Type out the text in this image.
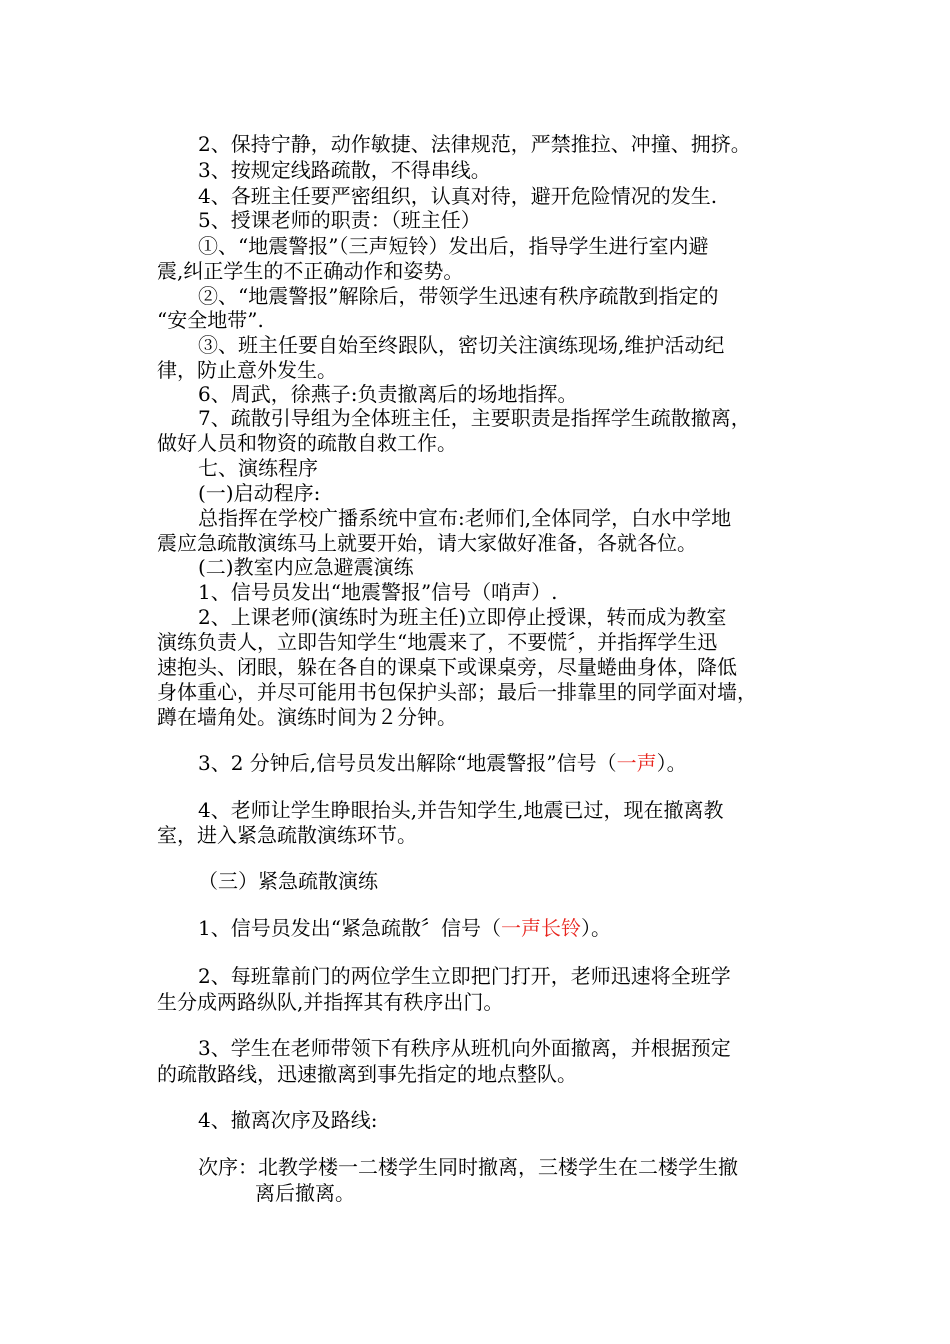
2、保持宁静，动作敏捷、法律规范，严禁推拉、冲撞、拥挤。

3、按规定线路疏散，不得串线。

4、各班主任要严密组织，认真对待，避开危险情况的发生.

5、授课老师的职责：（班主任）

①、“地震警报”（三声短铃）发出后，指导学生进行室内避

震,纠正学生的不正确动作和姿势。

②、“地震警报”解除后，带领学生迅速有秩序疏散到指定的

“安全地带”.

③、班主任要自始至终跟队，密切关注演练现场,维护活动纪

律，防止意外发生。

6、周武，徐燕子:负责撤离后的场地指挥。

7、疏散引导组为全体班主任，主要职责是指挥学生疏散撤离，

做好人员和物资的疏散自救工作。

七、演练程序

(一)启动程序:

总指挥在学校广播系统中宣布:老师们,全体同学，白水中学地

震应急疏散演练马上就要开始，请大家做好准备，各就各位。

(二)教室内应急避震演练

1、信号员发出“地震警报”信号（哨声）.

2、上课老师(演练时为班主任)立即停止授课，转而成为教室

演练负责人，立即告知学生“地震来了，不要慌〞，并指挥学生迅

速抱头、闭眼，躲在各自的课桌下或课桌旁，尽量蜷曲身体，降低

身体重心，并尽可能用书包保护头部；最后一排靠里的同学面对墙，

蹲在墙角处。演练时间为２分钟。

3、2 分钟后,信号员发出解除“地震警报”信号（一声）。

4、老师让学生睁眼抬头,并告知学生,地震已过，现在撤离教

室，进入紧急疏散演练环节。

（三）紧急疏散演练

1、信号员发出“紧急疏散〞信号（一声长铃）。

2、每班靠前门的两位学生立即把门打开，老师迅速将全班学

生分成两路纵队,并指挥其有秩序出门。

3、学生在老师带领下有秩序从班机向外面撤离，并根据预定

的疏散路线，迅速撤离到事先指定的地点整队。

4、撤离次序及路线:

次序：北教学楼一二楼学生同时撤离，三楼学生在二楼学生撤

离后撤离。
